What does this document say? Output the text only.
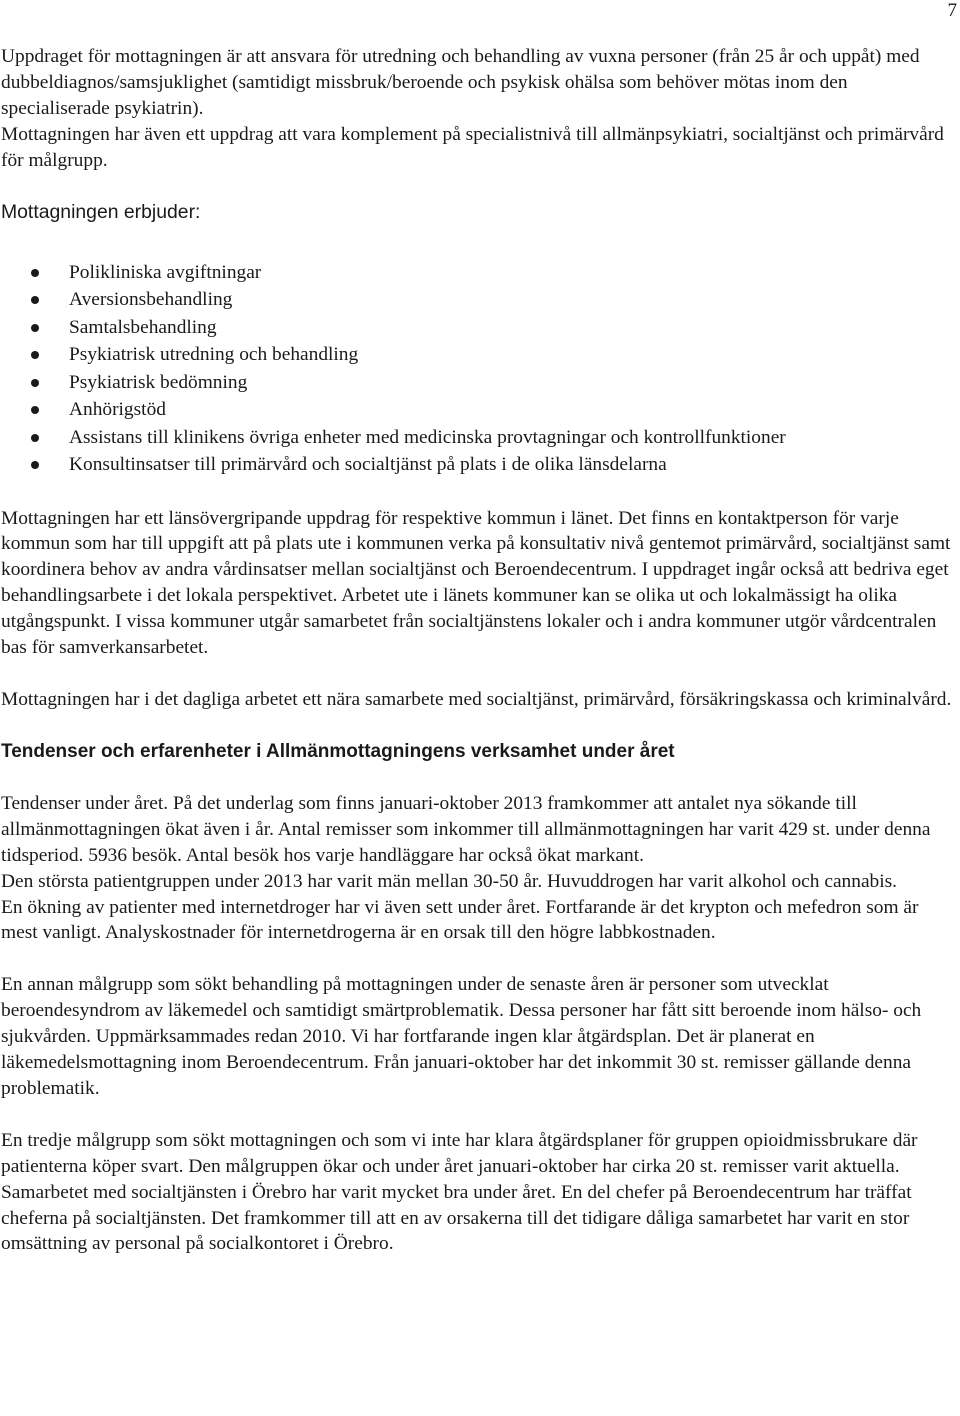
7

Uppdraget för mottagningen är att ansvara för utredning och behandling av vuxna personer (från 25 år och uppåt) med dubbeldiagnos/samsjuklighet (samtidigt missbruk/beroende och psykisk ohälsa som behöver mötas inom den specialiserade psykiatrin).

Mottagningen har även ett uppdrag att vara komplement på specialistnivå till allmänpsykiatri, socialtjänst och primärvård för målgrupp.

Mottagningen erbjuder:
Polikliniska avgiftningar
Aversionsbehandling
Samtalsbehandling
Psykiatrisk utredning och behandling
Psykiatrisk bedömning
Anhörigstöd
Assistans till klinikens övriga enheter med medicinska provtagningar och kontrollfunktioner
Konsultinsatser till primärvård och socialtjänst på plats i de olika länsdelarna

Mottagningen har ett länsövergripande uppdrag för respektive kommun i länet. Det finns en kontaktperson för varje kommun som har till uppgift att på plats ute i kommunen verka på konsultativ nivå gentemot primärvård, socialtjänst samt koordinera behov av andra vårdinsatser mellan socialtjänst och Beroendecentrum. I uppdraget ingår också att bedriva eget behandlingsarbete i det lokala perspektivet. Arbetet ute i länets kommuner kan se olika ut och lokalmässigt ha olika utgångspunkt. I vissa kommuner utgår samarbetet från socialtjänstens lokaler och i andra kommuner utgör vårdcentralen bas för samverkansarbetet.

Mottagningen har i det dagliga arbetet ett nära samarbete med socialtjänst, primärvård, försäkringskassa och kriminalvård.

Tendenser och erfarenheter i Allmänmottagningens verksamhet under året

Tendenser under året. På det underlag som finns januari-oktober 2013 framkommer att antalet nya sökande till allmänmottagningen ökat även i år. Antal remisser som inkommer till allmänmottagningen har varit 429 st. under denna tidsperiod. 5936 besök. Antal besök hos varje handläggare har också ökat markant.

Den största patientgruppen under 2013 har varit män mellan 30-50 år. Huvuddrogen har varit alkohol och cannabis.

En ökning av patienter med internetdroger har vi även sett under året. Fortfarande är det krypton och mefedron som är mest vanligt. Analyskostnader för internetdrogerna är en orsak till den högre labbkostnaden.

En annan målgrupp som sökt behandling på mottagningen under de senaste åren är personer som utvecklat beroendesyndrom av läkemedel och samtidigt smärtproblematik. Dessa personer har fått sitt beroende inom hälso- och sjukvården. Uppmärksammades redan 2010. Vi har fortfarande ingen klar åtgärdsplan. Det är planerat en läkemedelsmottagning inom Beroendecentrum. Från januari-oktober har det inkommit 30 st. remisser gällande denna problematik.

En tredje målgrupp som sökt mottagningen och som vi inte har klara åtgärdsplaner för gruppen opioidmissbrukare där patienterna köper svart. Den målgruppen ökar och under året januari-oktober har cirka 20 st. remisser varit aktuella.

Samarbetet med socialtjänsten i Örebro har varit mycket bra under året. En del chefer på Beroendecentrum har träffat cheferna på socialtjänsten. Det framkommer till att en av orsakerna till det tidigare dåliga samarbetet har varit en stor omsättning av personal på socialkontoret i Örebro.
